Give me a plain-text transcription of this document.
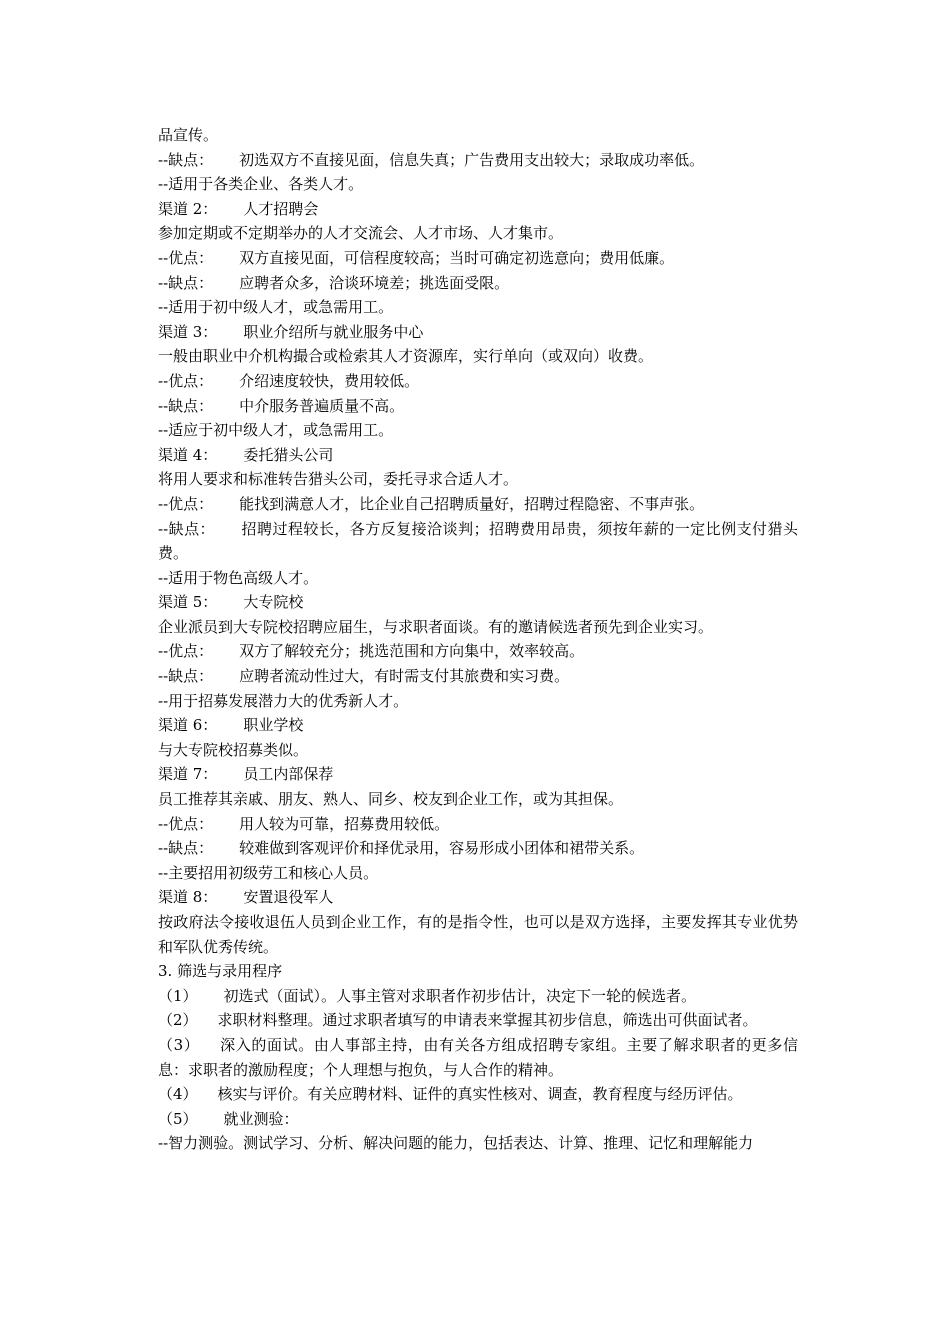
品宣传。
--缺点： 初选双方不直接见面，信息失真；广告费用支出较大；录取成功率低。
--适用于各类企业、各类人才。
渠道 2： 人才招聘会
参加定期或不定期举办的人才交流会、人才市场、人才集市。
--优点： 双方直接见面，可信程度较高；当时可确定初选意向；费用低廉。
--缺点： 应聘者众多，洽谈环境差；挑选面受限。
--适用于初中级人才，或急需用工。
渠道 3： 职业介绍所与就业服务中心
一般由职业中介机构撮合或检索其人才资源库，实行单向（或双向）收费。
--优点： 介绍速度较快，费用较低。
--缺点： 中介服务普遍质量不高。
--适应于初中级人才，或急需用工。
渠道 4： 委托猎头公司
将用人要求和标准转告猎头公司，委托寻求合适人才。
--优点： 能找到满意人才，比企业自己招聘质量好，招聘过程隐密、不事声张。
--缺点： 招聘过程较长，各方反复接洽谈判；招聘费用昂贵，须按年薪的一定比例支付猎头费。
--适用于物色高级人才。
渠道 5： 大专院校
企业派员到大专院校招聘应届生，与求职者面谈。有的邀请候选者预先到企业实习。
--优点： 双方了解较充分；挑选范围和方向集中，效率较高。
--缺点： 应聘者流动性过大，有时需支付其旅费和实习费。
--用于招募发展潜力大的优秀新人才。
渠道 6： 职业学校
与大专院校招募类似。
渠道 7： 员工内部保荐
员工推荐其亲戚、朋友、熟人、同乡、校友到企业工作，或为其担保。
--优点： 用人较为可靠，招募费用较低。
--缺点： 较难做到客观评价和择优录用，容易形成小团体和裙带关系。
--主要招用初级劳工和核心人员。
渠道 8： 安置退役军人
按政府法令接收退伍人员到企业工作，有的是指令性，也可以是双方选择，主要发挥其专业优势和军队优秀传统。
3. 筛选与录用程序
（1） 初选式（面试）。人事主管对求职者作初步估计，决定下一轮的候选者。
（2） 求职材料整理。通过求职者填写的申请表来掌握其初步信息，筛选出可供面试者。
（3） 深入的面试。由人事部主持，由有关各方组成招聘专家组。主要了解求职者的更多信息：求职者的激励程度；个人理想与抱负，与人合作的精神。
（4） 核实与评价。有关应聘材料、证件的真实性核对、调查，教育程度与经历评估。
（5） 就业测验：
--智力测验。测试学习、分析、解决问题的能力，包括表达、计算、推理、记忆和理解能力
